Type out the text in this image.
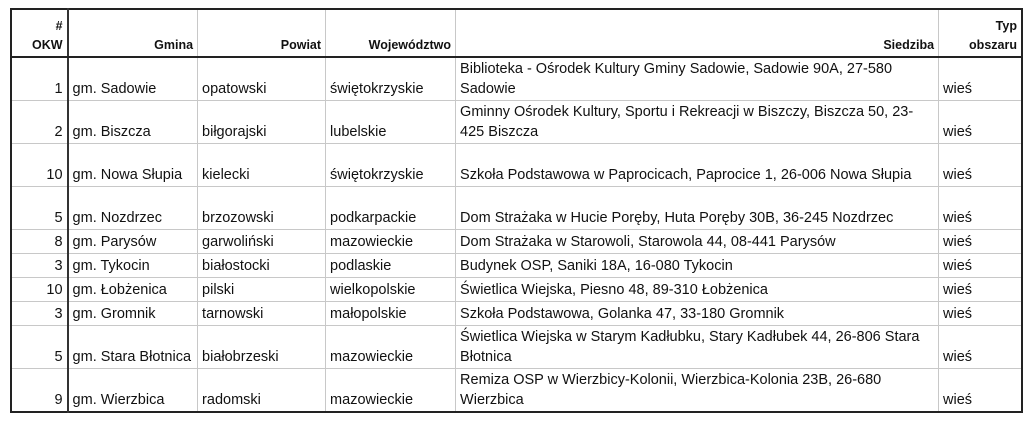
# OKW	Gmina	Powiat	Województwo	Siedziba	Typ obszaru
1	gm. Sadowie	opatowski	świętokrzyskie	Biblioteka - Ośrodek Kultury Gminy Sadowie, Sadowie 90A, 27-580 Sadowie	wieś
2	gm. Biszcza	biłgorajski	lubelskie	Gminny Ośrodek Kultury, Sportu i Rekreacji w Biszczy, Biszcza 50, 23-425 Biszcza	wieś
10	gm. Nowa Słupia	kielecki	świętokrzyskie	Szkoła Podstawowa w Paprocicach, Paprocice 1, 26-006 Nowa Słupia	wieś
5	gm. Nozdrzec	brzozowski	podkarpackie	Dom Strażaka w Hucie Poręby, Huta Poręby 30B, 36-245 Nozdrzec	wieś
8	gm. Parysów	garwoliński	mazowieckie	Dom Strażaka w Starowoli, Starowola 44, 08-441 Parysów	wieś
3	gm. Tykocin	białostocki	podlaskie	Budynek OSP, Saniki 18A, 16-080 Tykocin	wieś
10	gm. Łobżenica	pilski	wielkopolskie	Świetlica Wiejska, Piesno 48, 89-310 Łobżenica	wieś
3	gm. Gromnik	tarnowski	małopolskie	Szkoła Podstawowa, Golanka 47, 33-180 Gromnik	wieś
5	gm. Stara Błotnica	białobrzeski	mazowieckie	Świetlica Wiejska w Starym Kadłubku, Stary Kadłubek 44, 26-806 Stara Błotnica	wieś
9	gm. Wierzbica	radomski	mazowieckie	Remiza OSP w Wierzbicy-Kolonii, Wierzbica-Kolonia 23B, 26-680 Wierzbica	wieś
